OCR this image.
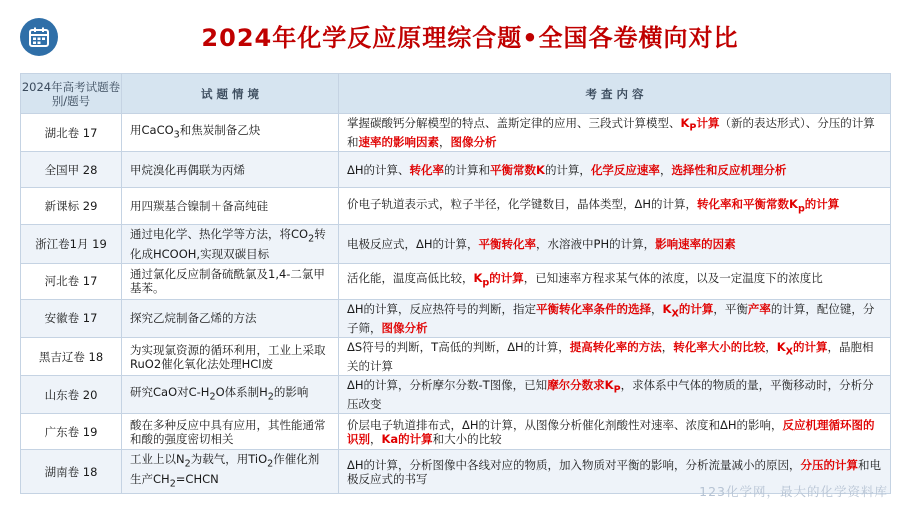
2024年化学反应原理综合题•全国各卷横向对比
2024年高考试题卷别/题号	试 题 情 境	考 查 内 容
湖北卷 17	用CaCO$_3$和焦炭制备乙炔	掌握碳酸钙分解模型的特点、盖斯定律的应用、三段式计算模型、$K_P$计算（新的表达形式）、分压的计算和速率的影响因素，图像分析
全国甲 28	甲烷溴化再偶联为丙烯	ΔH的计算、转化率的计算和平衡常数K的计算，化学反应速率，选择性和反应机理分析
新课标 29	用四羰基合镍制＋备高纯硅	价电子轨道表示式，粒子半径，化学键数目，晶体类型，ΔH的计算，转化率和平衡常数$K_p$的计算
浙江卷1月 19	通过电化学、热化学等方法，将$CO_2$转化成HCOOH,实现双碳目标	电极反应式，ΔH的计算，平衡转化率，水溶液中PH的计算，影响速率的因素
河北卷 17	通过氯化反应制备硫酰氯及1,4-二氯甲基苯。	活化能，温度高低比较，$K_p$的计算，已知速率方程求某气体的浓度，以及一定温度下的浓度比
安徽卷 17	探究乙烷制备乙烯的方法	ΔH的计算，反应热符号的判断，指定平衡转化率条件的选择，$K_X$的计算，平衡产率的计算，配位键，分子筛，图像分析
黑吉辽卷 18	为实现氯资源的循环利用，工业上采取RuO2催化氧化法处理HCl废	ΔS符号的判断，T高低的判断，ΔH的计算，提高转化率的方法，转化率大小的比较，$K_X$的计算，晶胞相关的计算
山东卷 20	研究CaO对$C-H_2O$体系制$H_2$的影响	ΔH的计算，分析摩尔分数-T图像，已知摩尔分数求$K_P$，求体系中气体的物质的量，平衡移动时，分析分压改变
广东卷 19	酸在多种反应中具有应用，其性能通常和酸的强度密切相关	价层电子轨道排布式，ΔH的计算，从图像分析催化剂酸性对速率、浓度和ΔH的影响，反应机理循环图的识别，Ka的计算和大小的比较
湖南卷 18	工业上以$N_2$为载气，用TiO$_2$作催化剂生产$CH_2=CHCN$	ΔH的计算，分析图像中各线对应的物质，加入物质对平衡的影响，分析流量减小的原因，分压的计算和电极反应式的书写
123化学网，最大的化学资料库
